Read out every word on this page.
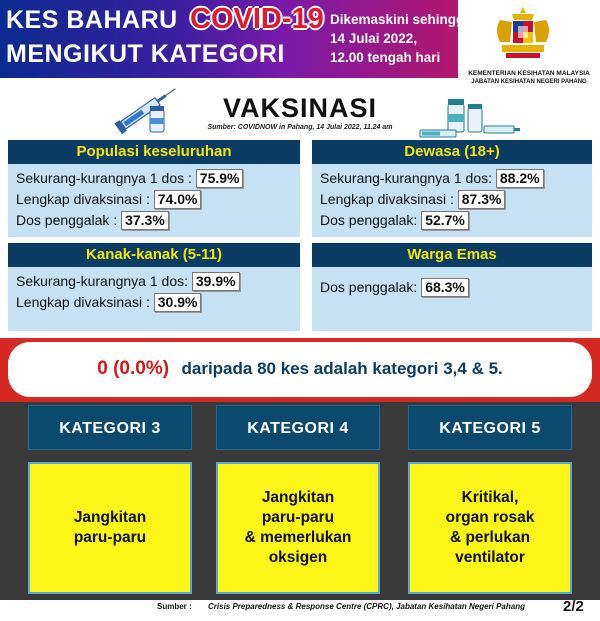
KES BAHARU COVID-19
MENGIKUT KATEGORI
Dikemaskini sehingga:
14 Julai 2022,
12.00 tengah hari
KEMENTERIAN KESIHATAN MALAYSIA
JABATAN KESIHATAN NEGERI PAHANG
VAKSINASI
Sumber: COVIDNOW in Pahang, 14 Julai 2022, 11.24 am
Populasi keseluruhan
Sekurang-kurangnya 1 dos : 75.9%
Lengkap divaksinasi : 74.0%
Dos penggalak : 37.3%
Dewasa (18+)
Sekurang-kurangnya 1 dos: 88.2%
Lengkap divaksinasi : 87.3%
Dos penggalak: 52.7%
Kanak-kanak (5-11)
Sekurang-kurangnya 1 dos: 39.9%
Lengkap divaksinasi : 30.9%
Warga Emas
Dos penggalak: 68.3%
0 (0.0%) daripada 80 kes adalah kategori 3,4 & 5.
KATEGORI 3	KATEGORI 4	KATEGORI 5
Jangkitan
paru-paru
Jangkitan
paru-paru
& memerlukan
oksigen
Kritikal,
organ rosak
& perlukan
ventilator
Sumber : Crisis Preparedness & Response Centre (CPRC), Jabatan Kesihatan Negeri Pahang	2/2
